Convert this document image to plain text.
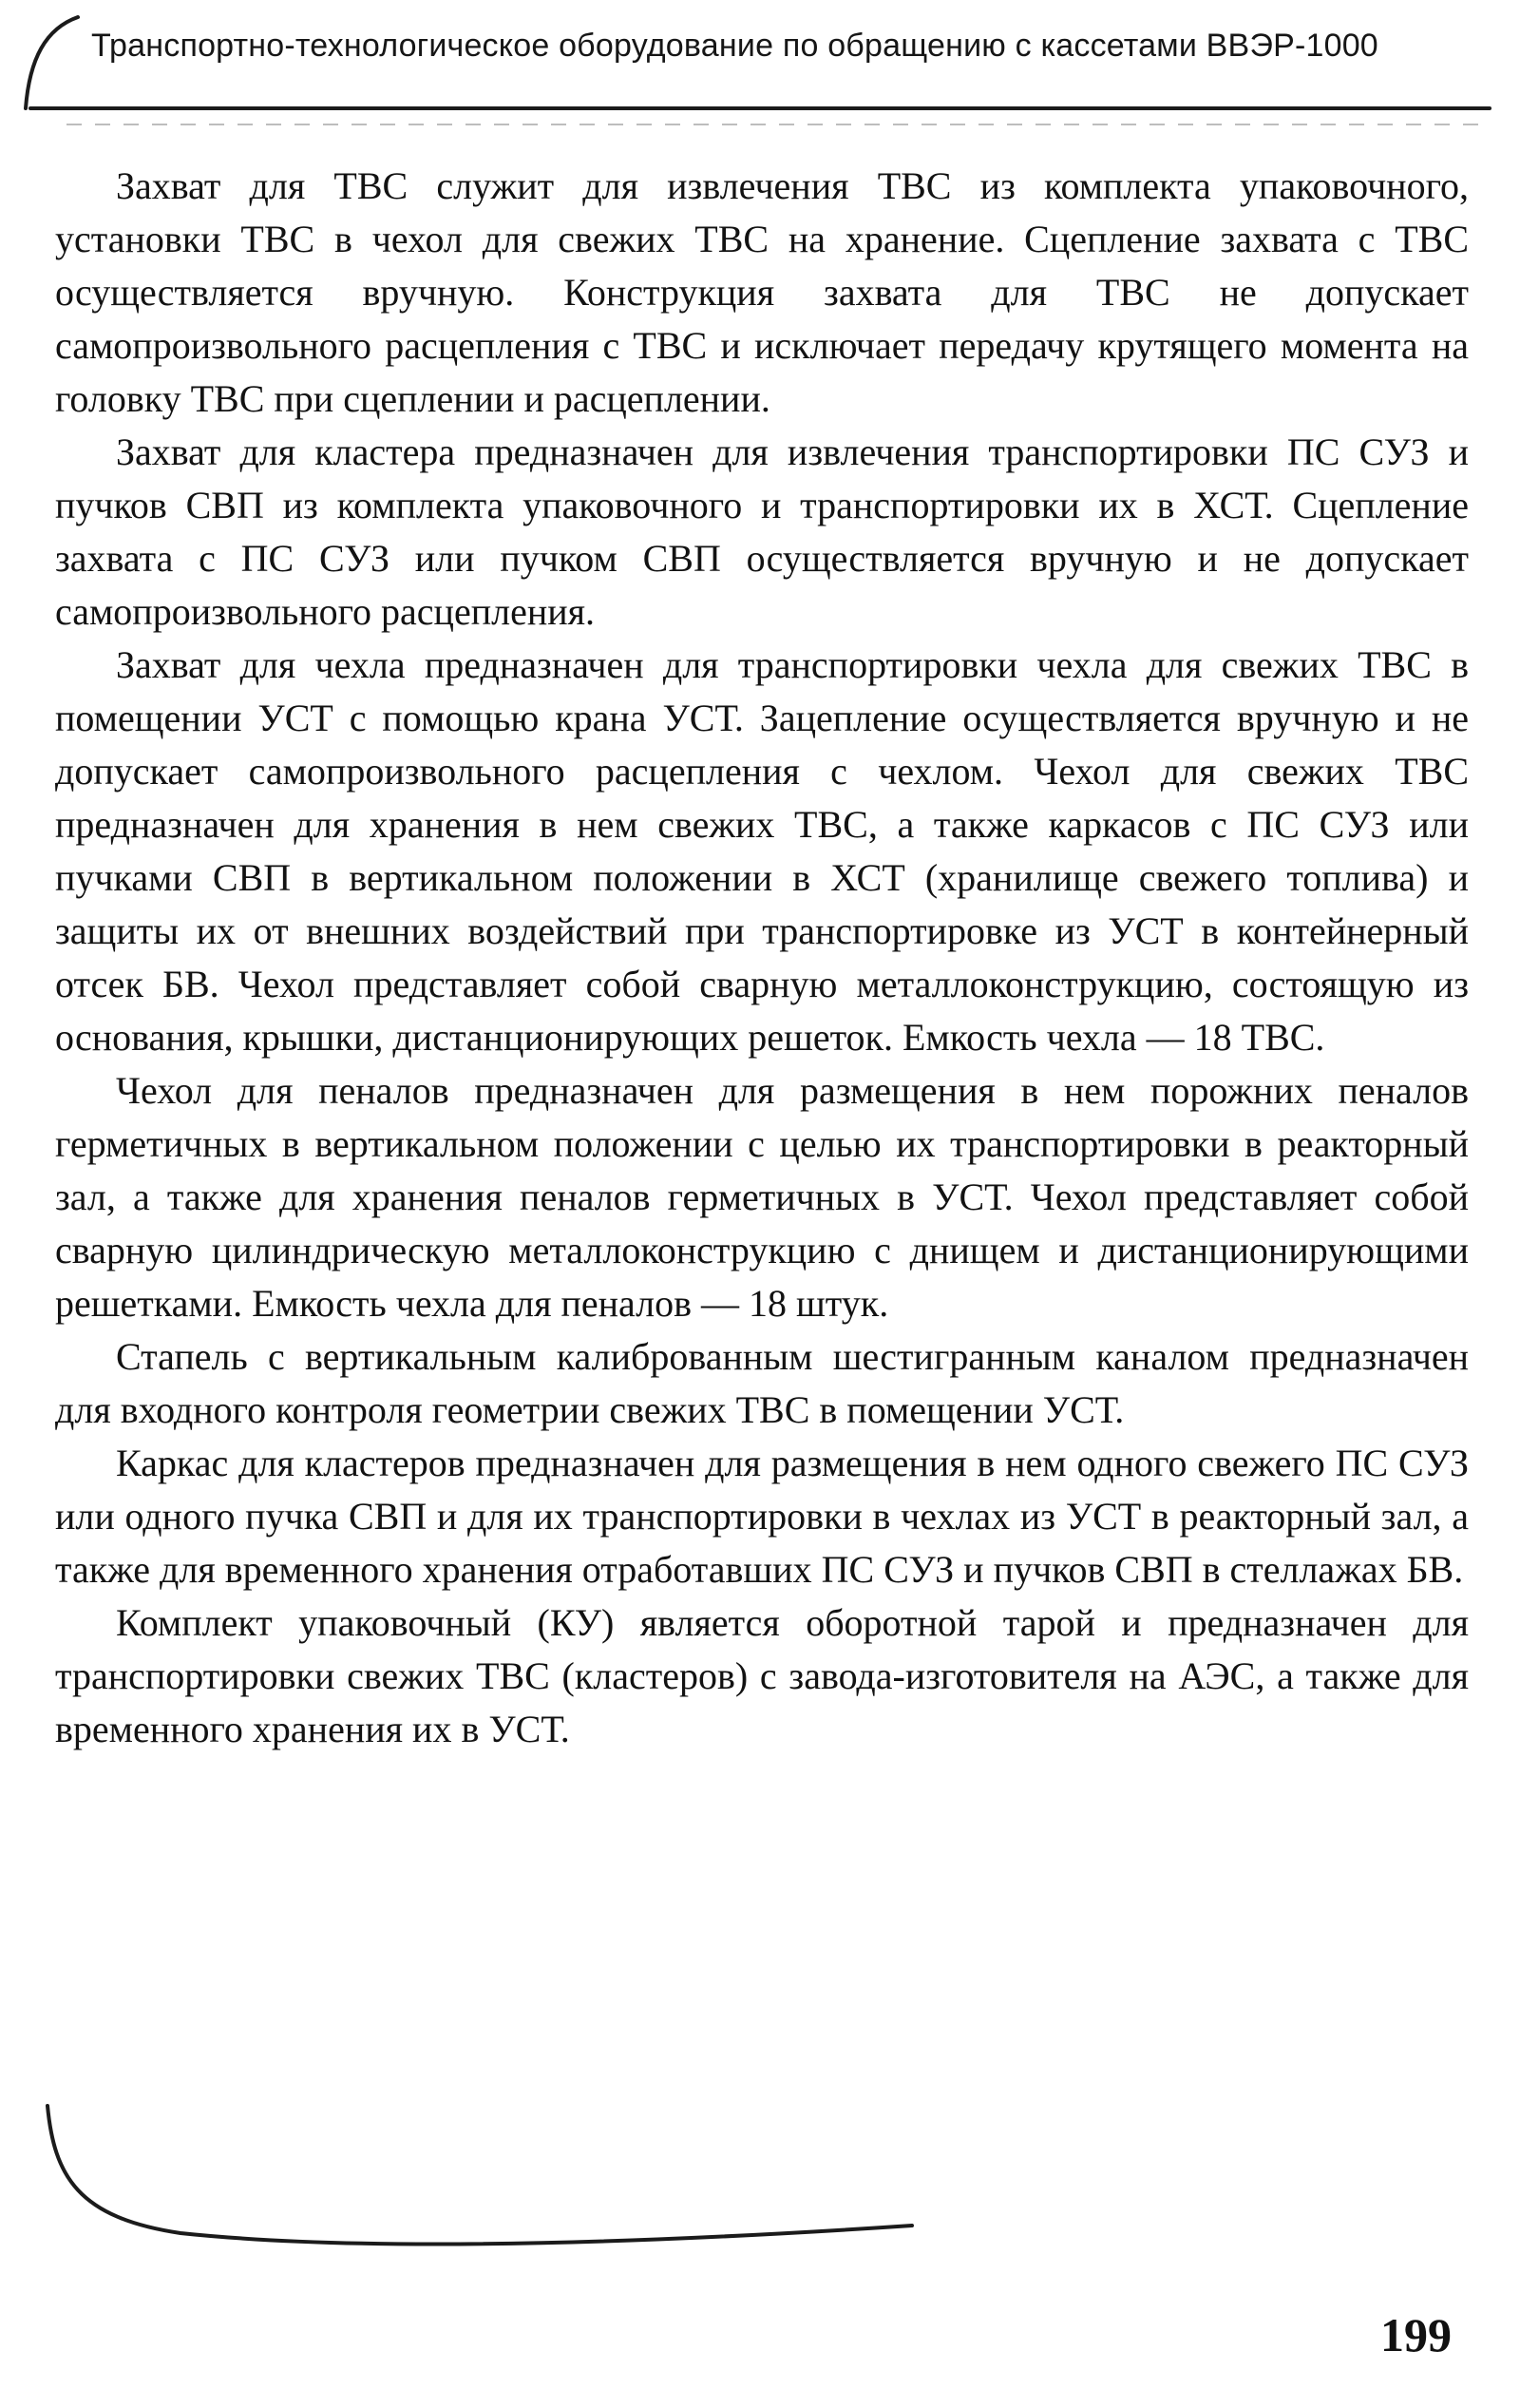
Транспортно-технологическое оборудование по обращению с кассетами ВВЭР-1000

Захват для ТВС служит для извлечения ТВС из комплекта упаковочного, установки ТВС в чехол для свежих ТВС на хранение. Сцепление захвата с ТВС осуществляется вручную. Конструкция захвата для ТВС не допускает самопроизвольного расцепления с ТВС и исключает передачу крутящего момента на головку ТВС при сцеплении и расцеплении.

Захват для кластера предназначен для извлечения транспортировки ПС СУЗ и пучков СВП из комплекта упаковочного и транспортировки их в ХСТ. Сцепление захвата с ПС СУЗ или пучком СВП осуществляется вручную и не допускает самопроизвольного расцепления.

Захват для чехла предназначен для транспортировки чехла для свежих ТВС в помещении УСТ с помощью крана УСТ. Зацепление осуществляется вручную и не допускает самопроизвольного расцепления с чехлом. Чехол для свежих ТВС предназначен для хранения в нем свежих ТВС, а также каркасов с ПС СУЗ или пучками СВП в вертикальном положении в ХСТ (хранилище свежего топлива) и защиты их от внешних воздействий при транспортировке из УСТ в контейнерный отсек БВ. Чехол представляет собой сварную металлоконструкцию, состоящую из основания, крышки, дистанционирующих решеток. Емкость чехла — 18 ТВС.

Чехол для пеналов предназначен для размещения в нем порожних пеналов герметичных в вертикальном положении с целью их транспортировки в реакторный зал, а также для хранения пеналов герметичных в УСТ. Чехол представляет собой сварную цилиндрическую металлоконструкцию с днищем и дистанционирующими решетками. Емкость чехла для пеналов — 18 штук.

Стапель с вертикальным калиброванным шестигранным каналом предназначен для входного контроля геометрии свежих ТВС в помещении УСТ.

Каркас для кластеров предназначен для размещения в нем одного свежего ПС СУЗ или одного пучка СВП и для их транспортировки в чехлах из УСТ в реакторный зал, а также для временного хранения отработавших ПС СУЗ и пучков СВП в стеллажах БВ.

Комплект упаковочный (КУ) является оборотной тарой и предназначен для транспортировки свежих ТВС (кластеров) с завода-изготовителя на АЭС, а также для временного хранения их в УСТ.

199
